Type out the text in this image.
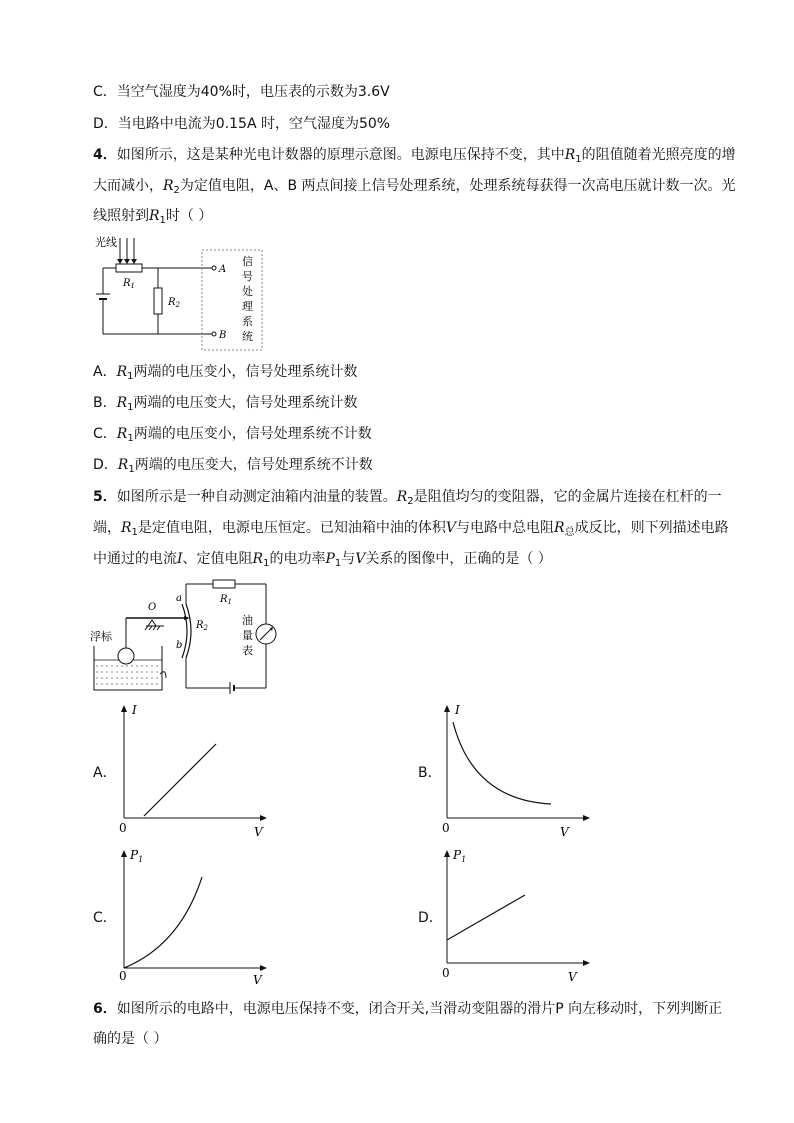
C．当空气湿度为40%时，电压表的示数为3.6V
D．当电路中电流为0.15A 时，空气湿度为50%
4．如图所示，这是某种光电计数器的原理示意图。电源电压保持不变，其中$R_1$的阻值随着光照亮度的增
大而减小，$R_2$为定值电阻，A、B 两点间接上信号处理系统，处理系统每获得一次高电压就计数一次。光
线照射到$R_1$时（ ）
光线
$R_1$
$R_2$
A
B
信
号
处
理
系
统
A．$R_1$两端的电压变小，信号处理系统计数
B．$R_1$两端的电压变大，信号处理系统计数
C．$R_1$两端的电压变小，信号处理系统不计数
D．$R_1$两端的电压变大，信号处理系统不计数
5．如图所示是一种自动测定油箱内油量的装置。$R_2$是阻值均匀的变阻器，它的金属片连接在杠杆的一
端，$R_1$是定值电阻，电源电压恒定。已知油箱中油的体积V与电路中总电阻$R_总$成反比，则下列描述电路
中通过的电流I、定值电阻$R_1$的电功率$P_1$与V关系的图像中，正确的是（ ）
$R_1$
油
量
表
a
b
$R_2$
O
浮标
A．
I
V
0
B．
I
V
0
C．
$P_1$
V
0
D．
$P_1$
V
0
6．如图所示的电路中，电源电压保持不变，闭合开关,当滑动变阻器的滑片P 向左移动时，下列判断正
确的是（ ）
